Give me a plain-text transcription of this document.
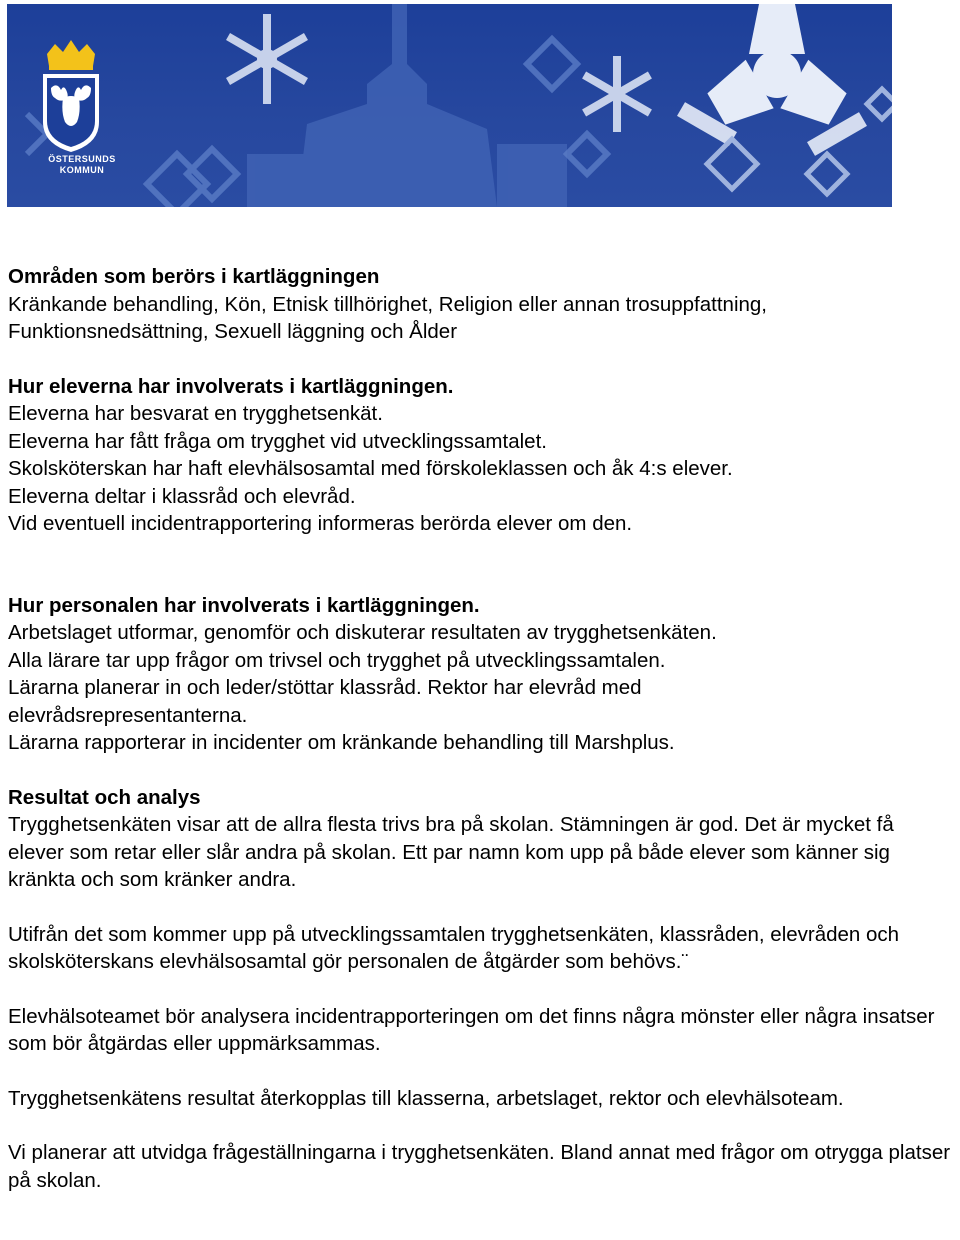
ÖSTERSUNDS
KOMMUN
Områden som berörs i kartläggningen
Kränkande behandling, Kön, Etnisk tillhörighet, Religion eller annan trosuppfattning,
Funktionsnedsättning, Sexuell läggning och Ålder
Hur eleverna har involverats i kartläggningen.
Eleverna har besvarat en trygghetsenkät.
Eleverna har fått fråga om trygghet vid utvecklingssamtalet.
Skolsköterskan har haft elevhälsosamtal med förskoleklassen och åk 4:s elever.
Eleverna deltar i klassråd och elevråd.
Vid eventuell incidentrapportering informeras berörda elever om den.
Hur personalen har involverats i kartläggningen.
Arbetslaget utformar, genomför och diskuterar resultaten av trygghetsenkäten.
Alla lärare tar upp frågor om trivsel och trygghet på utvecklingssamtalen.
Lärarna planerar in och leder/stöttar klassråd. Rektor har elevråd med
elevrådsrepresentanterna.
Lärarna rapporterar in incidenter om kränkande behandling till Marshplus.
Resultat och analys
Trygghetsenkäten visar att de allra flesta trivs bra på skolan. Stämningen är god. Det är mycket få elever som retar eller slår andra på skolan. Ett par namn kom upp på både elever som känner sig kränkta och som kränker andra.
Utifrån det som kommer upp på utvecklingssamtalen trygghetsenkäten, klassråden, elevråden och skolsköterskans elevhälsosamtal gör personalen de åtgärder som behövs.¨
Elevhälsoteamet bör analysera incidentrapporteringen om det finns några mönster eller några insatser som bör åtgärdas eller uppmärksammas.
Trygghetsenkätens resultat återkopplas till klasserna, arbetslaget, rektor och elevhälsoteam.
Vi planerar att utvidga frågeställningarna i trygghetsenkäten. Bland annat med frågor om otrygga platser på skolan.
